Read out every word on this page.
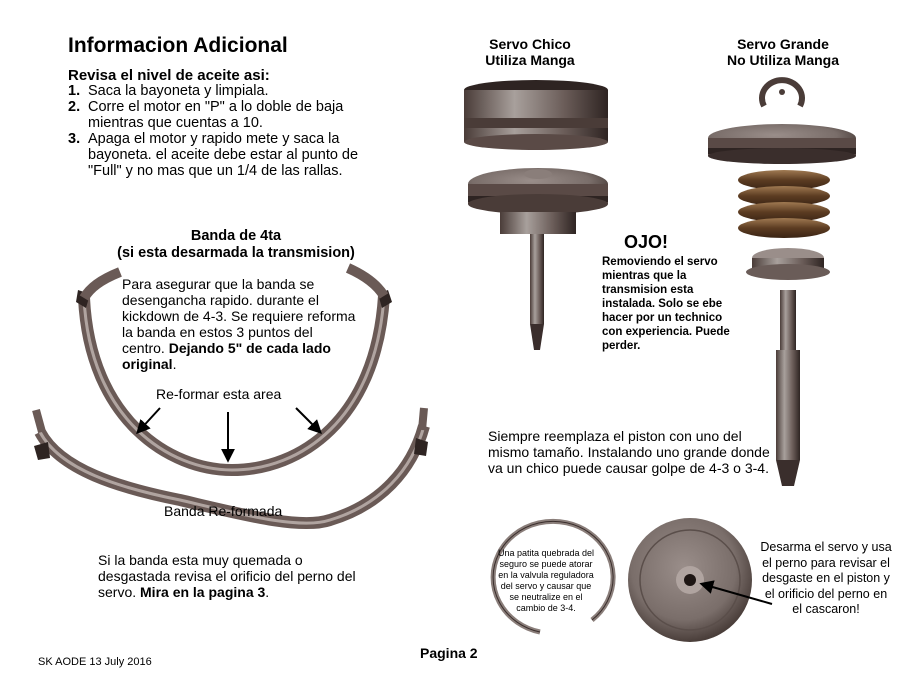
Informacion Adicional
Revisa el nivel de aceite asi:
1. Saca la bayoneta y limpiala.
2. Corre el motor en "P" a lo doble de baja mientras que cuentas a 10.
3. Apaga el motor y rapido mete y saca la bayoneta. el aceite debe estar al punto de "Full" y no mas que un 1/4 de las rallas.
Banda de 4ta
(si esta desarmada la transmision)
Para asegurar que la banda se desengancha rapido. durante el kickdown de 4-3. Se requiere reforma la banda en estos 3 puntos del centro. Dejando 5" de cada lado original.
Re-formar esta area
Banda Re-formada
Si la banda esta muy quemada o desgastada revisa el orificio del perno del servo. Mira en la pagina 3.
Servo Chico
Utiliza Manga
Servo Grande
No Utiliza Manga
OJO!
Removiendo el servo mientras que la transmision esta instalada. Solo se ebe hacer por un technico con experiencia. Puede perder.
Siempre reemplaza el piston con uno del mismo tamaño. Instalando uno grande donde va un chico puede causar golpe de 4-3 o 3-4.
Una patita quebrada del seguro se puede atorar en la valvula reguladora del servo y causar que se neutralize en el cambio de 3-4.
Desarma el servo y usa el perno para revisar el desgaste en el piston y el orificio del perno en el cascaron!
SK AODE 13 July 2016
Pagina 2
